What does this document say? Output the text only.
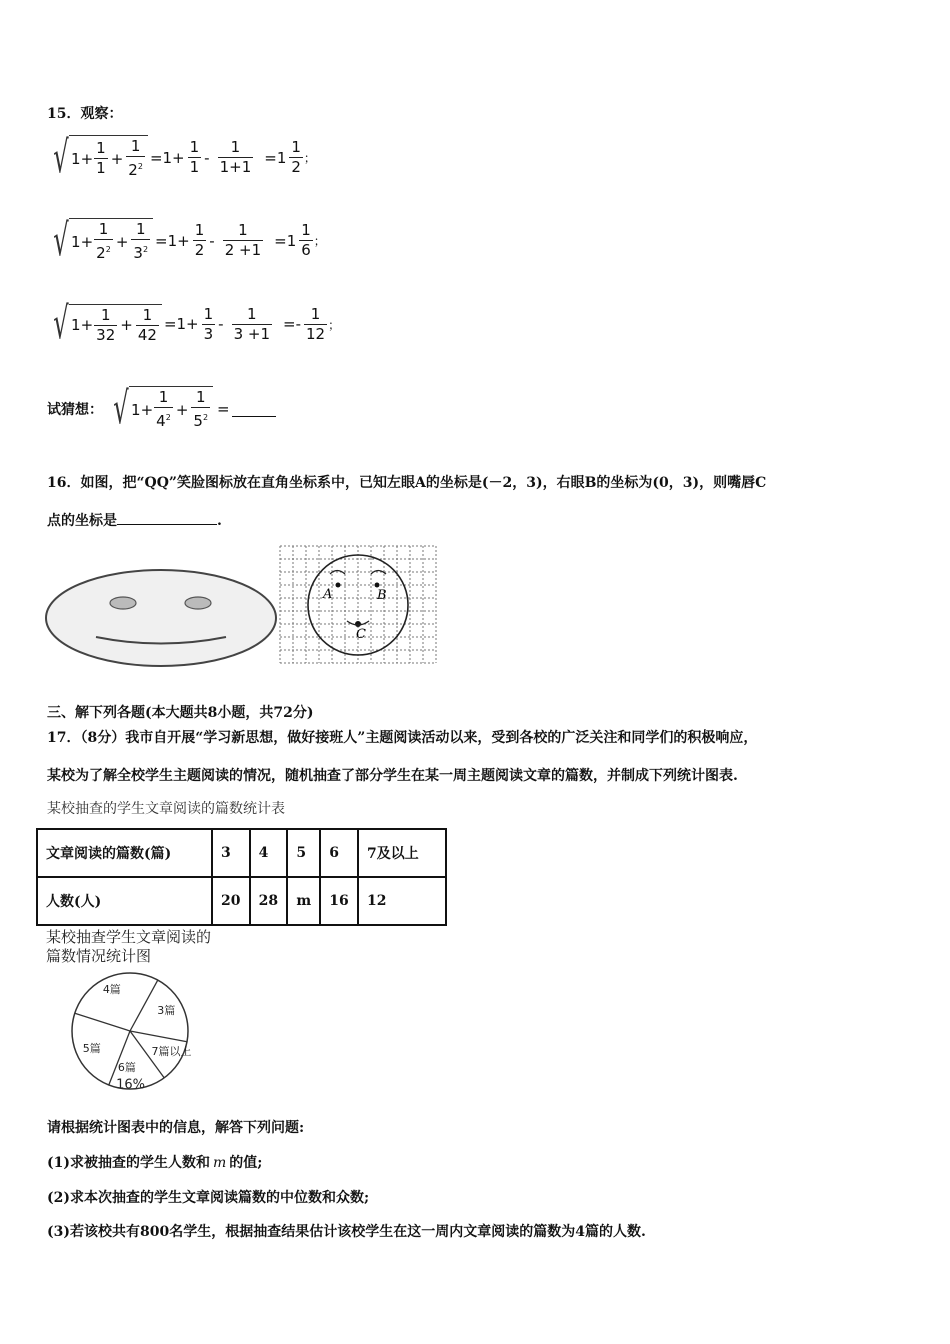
15．观察：
√ $1+ \frac{1}{1} + \frac{1}{2^2} =1+ \frac{1}{1} - \frac{1}{1+1} =1 \frac{1}{2}$ ；
√ $1+ \frac{1}{2^2} + \frac{1}{3^2} =1+ \frac{1}{2} - \frac{1}{2 +1} =1 \frac{1}{6}$ ；
√ $1+ \frac{1}{32} + \frac{1}{42} =1+ \frac{1}{3} - \frac{1}{3 +1} =- \frac{1}{12}$ ；
试猜想： √ $1+ \frac{1}{4^2} + \frac{1}{5^2}$ =
16．如图，把“QQ”笑脸图标放在直角坐标系中，已知左眼A的坐标是(－2，3)，右眼B的坐标为(0，3)，则嘴唇C
点的坐标是	.
A	B
C
三、解下列各题(本大题共8小题，共72分)
17．（8分）我市自开展“学习新思想，做好接班人”主题阅读活动以来，受到各校的广泛关注和同学们的积极响应，
某校为了解全校学生主题阅读的情况，随机抽查了部分学生在某一周主题阅读文章的篇数，并制成下列统计图表.
某校抽查的学生文章阅读的篇数统计表
文章阅读的篇数(篇)	3	4	5	6	7及以上
人数(人)	20	28	m	16	12
某校抽查学生文章阅读的
篇数情况统计图
3篇
7篇以上
6篇
16%
5篇
4篇
请根据统计图表中的信息，解答下列问题:
(1)求被抽查的学生人数和 m 的值;
(2)求本次抽查的学生文章阅读篇数的中位数和众数;
(3)若该校共有800名学生，根据抽查结果估计该校学生在这一周内文章阅读的篇数为4篇的人数.
